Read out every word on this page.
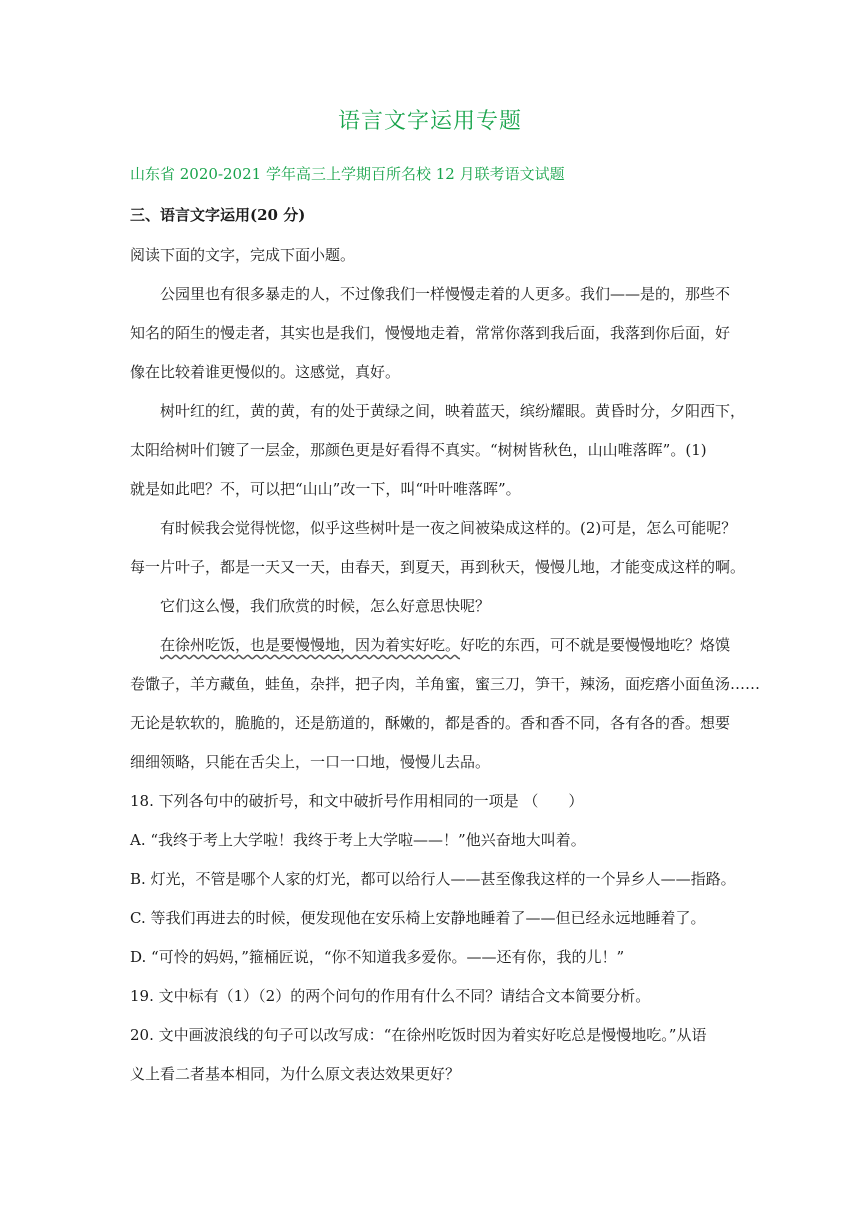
语言文字运用专题
山东省 2020-2021 学年高三上学期百所名校 12 月联考语文试题
三、语言文字运用(20 分)
阅读下面的文字，完成下面小题。
公园里也有很多暴走的人，不过像我们一样慢慢走着的人更多。我们——是的，那些不
知名的陌生的慢走者，其实也是我们，慢慢地走着，常常你落到我后面，我落到你后面，好
像在比较着谁更慢似的。这感觉，真好。
树叶红的红，黄的黄，有的处于黄绿之间，映着蓝天，缤纷耀眼。黄昏时分，夕阳西下，
太阳给树叶们镀了一层金，那颜色更是好看得不真实。“树树皆秋色，山山唯落晖”。(1)
就是如此吧？不，可以把“山山”改一下，叫“叶叶唯落晖”。
有时候我会觉得恍惚，似乎这些树叶是一夜之间被染成这样的。(2)可是，怎么可能呢？
每一片叶子，都是一天又一天，由春天，到夏天，再到秋天，慢慢儿地，才能变成这样的啊。
它们这么慢，我们欣赏的时候，怎么好意思快呢？
在徐州吃饭，也是要慢慢地，因为着实好吃。好吃的东西，可不就是要慢慢地吃？烙馍
卷馓子，羊方藏鱼，蛙鱼，杂拌，把子肉，羊角蜜，蜜三刀，笋干，辣汤，面疙瘩小面鱼汤……
无论是软软的，脆脆的，还是筋道的，酥嫩的，都是香的。香和香不同，各有各的香。想要
细细领略，只能在舌尖上，一口一口地，慢慢儿去品。
18. 下列各句中的破折号，和文中破折号作用相同的一项是 （　　）
A. “我终于考上大学啦！我终于考上大学啦——！”他兴奋地大叫着。
B. 灯光，不管是哪个人家的灯光，都可以给行人——甚至像我这样的一个异乡人——指路。
C. 等我们再进去的时候，便发现他在安乐椅上安静地睡着了——但已经永远地睡着了。
D. “可怜的妈妈，”箍桶匠说，“你不知道我多爱你。——还有你，我的儿！”
19. 文中标有（1）（2）的两个问句的作用有什么不同？请结合文本简要分析。
20. 文中画波浪线的句子可以改写成：“在徐州吃饭时因为着实好吃总是慢慢地吃。”从语
义上看二者基本相同，为什么原文表达效果更好？
